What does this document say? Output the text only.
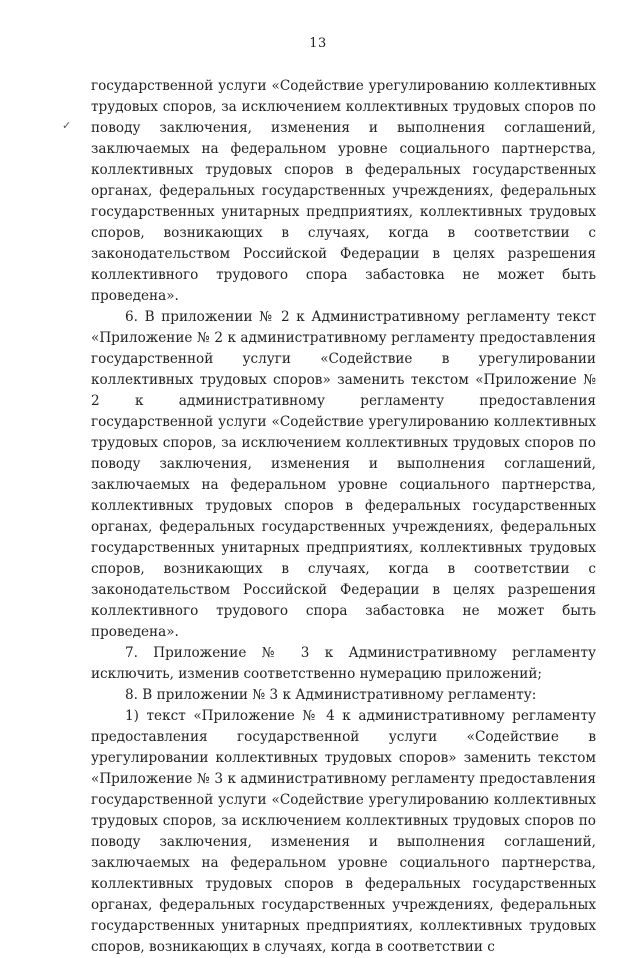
13
✓

государственной услуги «Содействие урегулированию коллективных трудовых споров, за исключением коллективных трудовых споров по поводу заключения, изменения и выполнения соглашений, заключаемых на федеральном уровне социального партнерства, коллективных трудовых споров в федеральных государственных органах, федеральных государственных учреждениях, федеральных государственных унитарных предприятиях, коллективных трудовых споров, возникающих в случаях, когда в соответствии с законодательством Российской Федерации в целях разрешения коллективного трудового спора забастовка не может быть проведена».

6. В приложении № 2 к Административному регламенту текст «Приложение № 2 к административному регламенту предоставления государственной услуги «Содействие в урегулировании коллективных трудовых споров» заменить текстом «Приложение № 2 к административному регламенту предоставления государственной услуги «Содействие урегулированию коллективных трудовых споров, за исключением коллективных трудовых споров по поводу заключения, изменения и выполнения соглашений, заключаемых на федеральном уровне социального партнерства, коллективных трудовых споров в федеральных государственных органах, федеральных государственных учреждениях, федеральных государственных унитарных предприятиях, коллективных трудовых споров, возникающих в случаях, когда в соответствии с законодательством Российской Федерации в целях разрешения коллективного трудового спора забастовка не может быть проведена».

7. Приложение № 3 к Административному регламенту исключить, изменив соответственно нумерацию приложений;

8. В приложении № 3 к Административному регламенту:

1) текст «Приложение № 4 к административному регламенту предоставления государственной услуги «Содействие в урегулировании коллективных трудовых споров» заменить текстом «Приложение № 3 к административному регламенту предоставления государственной услуги «Содействие урегулированию коллективных трудовых споров, за исключением коллективных трудовых споров по поводу заключения, изменения и выполнения соглашений, заключаемых на федеральном уровне социального партнерства, коллективных трудовых споров в федеральных государственных органах, федеральных государственных учреждениях, федеральных государственных унитарных предприятиях, коллективных трудовых споров, возникающих в случаях, когда в соответствии с
